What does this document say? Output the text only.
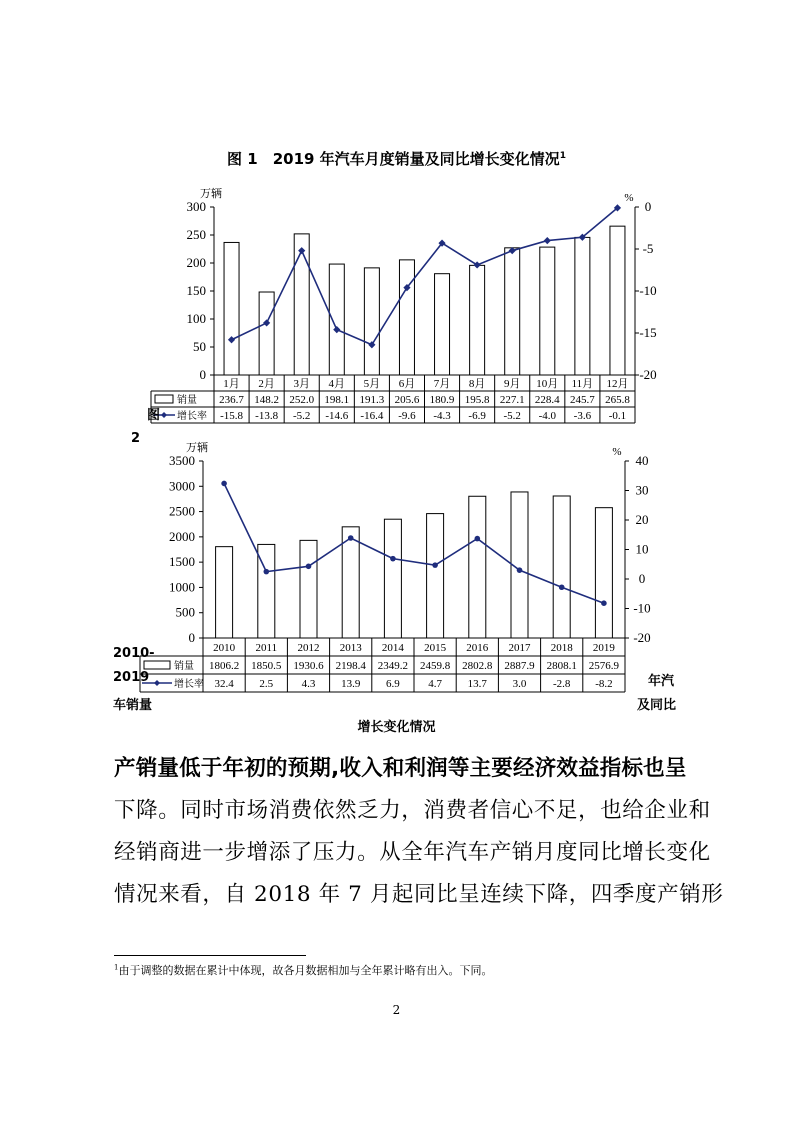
图 1　2019 年汽车月度销量及同比增长变化情况$^1$
0
50
100
150
200
250
300
-20
-15
-10
-5
0
万辆	%
1月
236.7
-15.8
2月
148.2
-13.8
3月
252.0
-5.2
4月
198.1
-14.6
5月
191.3
-16.4
6月
205.6
-9.6
7月
180.9
-4.3
8月
195.8
-6.9
9月
227.1
-5.2
10月
228.4
-4.0
11月
245.7
-3.6
12月
265.8
-0.1
销量
增长率
0
500
1000
1500
2000
2500
3000
3500
-20
-10
0
10
20
30
40
万辆	%
2010
1806.2
32.4
2011
1850.5
2.5
2012
1930.6
4.3
2013
2198.4
13.9
2014
2349.2
6.9
2015
2459.8
4.7
2016
2802.8
13.7
2017
2887.9
3.0
2018
2808.1
-2.8
2019
2576.9
-8.2
销量
增长率
图
2
2010-
2019
车销量
年汽
及同比
增长变化情况

产销量低于年初的预期,收入和利润等主要经济效益指标也呈
下降。同时市场消费依然乏力，消费者信心不足，也给企业和
经销商进一步增添了压力。从全年汽车产销月度同比增长变化
情况来看，自 2018 年 7 月起同比呈连续下降，四季度产销形

$^1$由于调整的数据在累计中体现，故各月数据相加与全年累计略有出入。下同。
2
